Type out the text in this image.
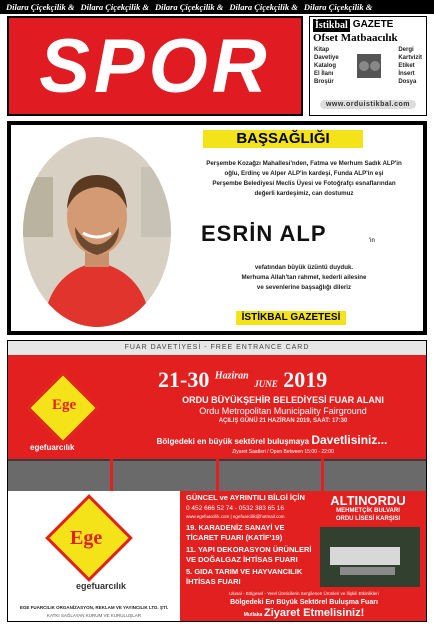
Dilara Çiçekçilik & Dilara Çiçekçilik & Dilara Çiçekçilik & Dilara Çiçekçilik & Dilara Çiçekçilik &
SPOR	İstikbal GAZETE
Ofset Matbaacılık
Kitap
Davetiye
Katalog
El İlanı
Broşür
Dergi
Kartvizit
Etiket
İnsert
Dosya
www.orduistikbal.com
BAŞSAĞLIĞI
Perşembe Kozağzı Mahallesi'nden, Fatma ve Merhum Sadık ALP'in
oğlu, Erdinç ve Alper ALP'in kardeşi, Funda ALP'in eşi
Perşembe Belediyesi Meclis Üyesi ve Fotoğrafçı esnaflarından
değerli kardeşimiz, can dostumuz
ESRİN ALP	'in
vefatından büyük üzüntü duyduk.
Merhuma Allah'tan rahmet, kederli ailesine
ve sevenlerine başsağlığı dileriz
İSTİKBAL GAZETESİ
FUAR DAVETİYESİ - FREE ENTRANCE CARD
Ege
egefuarcılık
21-30 $^{Haziran}$ JUNE 2019
ORDU BÜYÜKŞEHİR BELEDİYESİ FUAR ALANI
Ordu Metropolitan Municipality Fairground
AÇILIŞ GÜNÜ 21 HAZİRAN 2019, SAAT: 17:30
Bölgedeki en büyük sektörel buluşmaya Davetlisiniz...
Ziyaret Saatleri / Open Between 15:00 - 22:00
Ege
egefuarcılık
EGE FUARCILIK ORGANİZASYON, REKLAM VE YAYINCILIK LTD. ŞTİ.
KATKI SAĞLAYAN KURUM VE KURULUŞLAR
GÜNCEL ve AYRINTILI BİLGİ İÇİN
0 452 666 52 74 - 0532 383 65 16
www.egefuarcilik.com | egefuarcilik@hotmail.com
19. KARADENİZ SANAYİ VE
TİCARET FUARI (KATİF'19)
11. YAPI DEKORASYON ÜRÜNLERİ
VE DOĞALGAZ İHTİSAS FUARI
5. GIDA TARIM VE HAYVANCILIK
İHTİSAS FUARI
ALTINORDU
MEHMETÇİK BULVARI
ORDU LİSESİ KARŞISI
Ulusal - Bölgesel - Yerel Üreticilerin Sergilenen Ürünleri ve İlişkili Etkinlikleri
Bölgedeki En Büyük Sektörel Buluşma Fuarı
Mutlaka Ziyaret Etmelisiniz!
